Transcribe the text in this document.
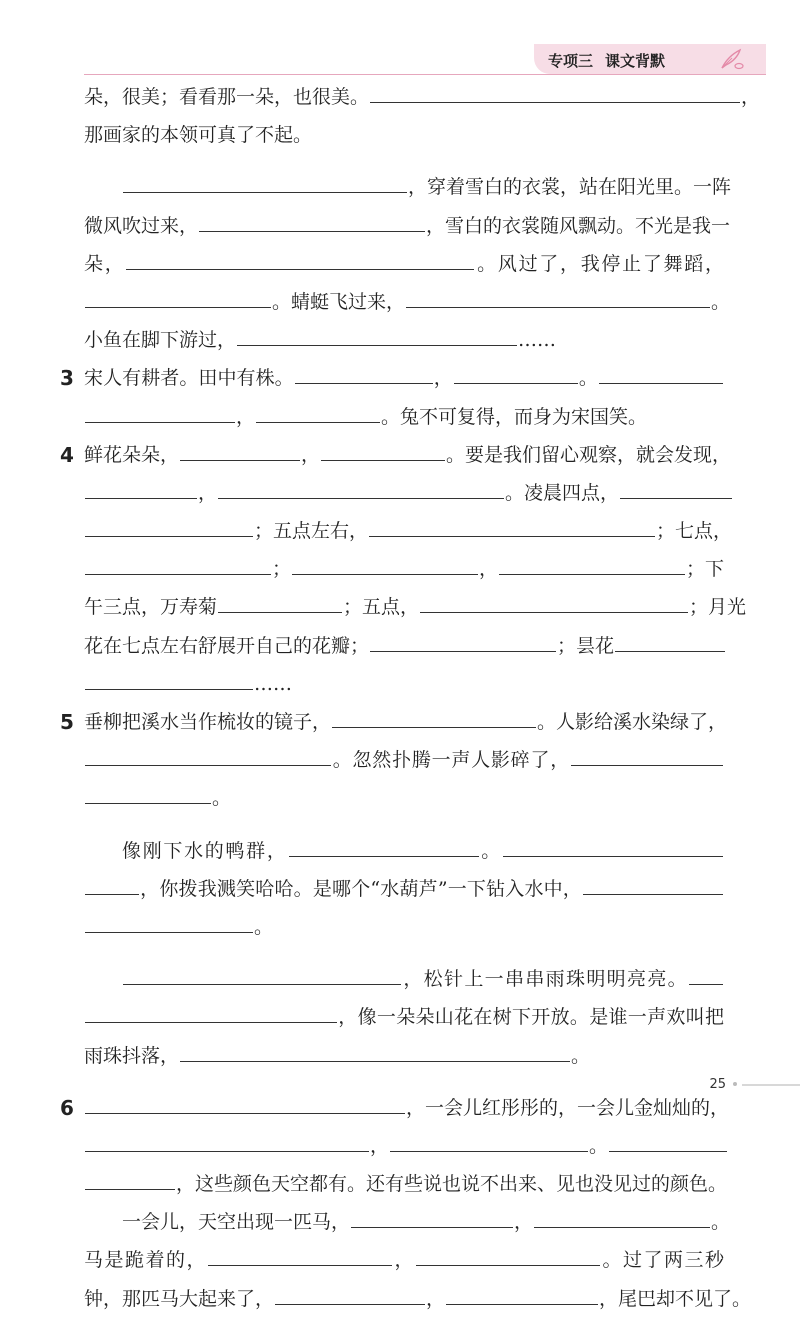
专项三 课文背默
朵，很美；看看那一朵，也很美。	，
那画家的本领可真了不起。
，穿着雪白的衣裳，站在阳光里。一阵
微风吹过来，	，雪白的衣裳随风飘动。不光是我一
朵，	。风过了，我停止了舞蹈，
。蜻蜓飞过来，	。
小鱼在脚下游过，	……
3 宋人有耕者。田中有株。	，	。
，	。兔不可复得，而身为宋国笑。
4 鲜花朵朵，	，	。要是我们留心观察，就会发现，
，	。凌晨四点，
；五点左右，	；七点，
；	，	；下
午三点，万寿菊	；五点，	；月光
花在七点左右舒展开自己的花瓣；	；昙花
……
5 垂柳把溪水当作梳妆的镜子，	。人影给溪水染绿了，
。忽然扑腾一声人影碎了，
。
像刚下水的鸭群，	。
，你拨我溅笑哈哈。是哪个“水葫芦”一下钻入水中，
。
，松针上一串串雨珠明明亮亮。
，像一朵朵山花在树下开放。是谁一声欢叫把
雨珠抖落，	。
6	，一会儿红彤彤的，一会儿金灿灿的，
，	。
，这些颜色天空都有。还有些说也说不出来、见也没见过的颜色。
一会儿，天空出现一匹马，	，	。
马是跪着的，	，	。过了两三秒
钟，那匹马大起来了，	，	，尾巴却不见了。
25
